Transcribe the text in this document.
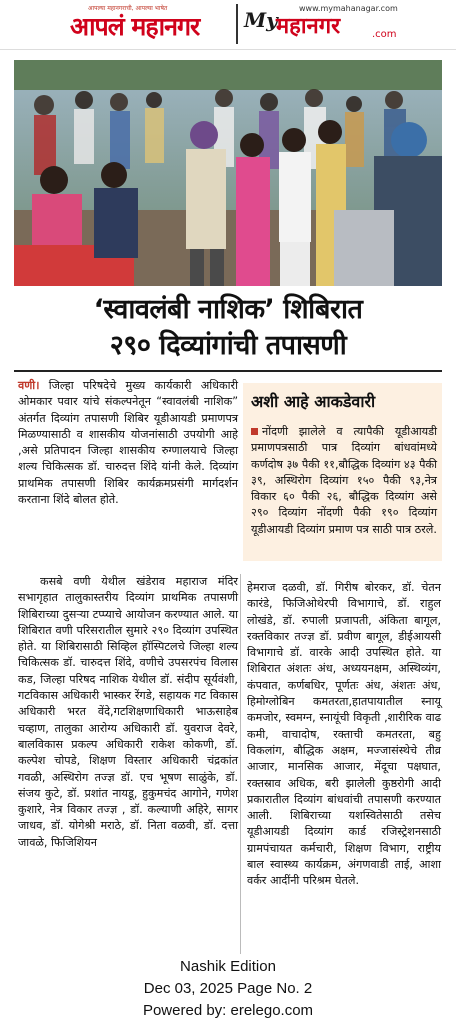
आपल्या महानगराची, आपल्या भाषेत
आपलं महानगर My	www.mymahanagar.com
महानगर	.com
‘स्वावलंबी नाशिक’ शिबिरात
२९० दिव्यांगांची तपासणी
वणी। जिल्हा परिषदेचे मुख्य कार्यकारी अधिकारी ओमकार पवार यांचे संकल्पनेतून “स्वावलंबी नाशिक” अंतर्गत दिव्यांग तपासणी शिबिर यूडीआयडी प्रमाणपत्र मिळण्यासाठी व शासकीय योजनांसाठी उपयोगी आहे ,असे प्रतिपादन जिल्हा शासकीय रुग्णालयाचे जिल्हा शल्य चिकित्सक डॉ. चारुदत्त शिंदे यांनी केले. दिव्यांग प्राथमिक तपासणी शिबिर कार्यक्रमप्रसंगी मार्गदर्शन करताना शिंदे बोलत होते.
अशी आहे आकडेवारी
नोंदणी झालेले व त्यापैकी यूडीआयडी प्रमाणपत्रसाठी पात्र दिव्यांग बांधवांमध्ये कर्णदोष ३७ पैकी ११,बौद्धिक दिव्यांग ४३ पैकी ३९, अस्थिरोग दिव्यांग १५० पैकी ९३,नेत्र विकार ६० पैकी २६, बौद्धिक दिव्यांग असे २९० दिव्यांग नोंदणी पैकी १९० दिव्यांग यूडीआयडी दिव्यांग प्रमाण पत्र साठी पात्र ठरले.
कसबे वणी येथील खंडेराव महाराज मंदिर सभागृहात तालुकास्तरीय दिव्यांग प्राथमिक तपासणी शिबिराच्या दुसऱ्या टप्प्याचे आयोजन करण्यात आले. या शिबिरात वणी परिसरातील सुमारे २९० दिव्यांग उपस्थित होते. या शिबिरासाठी सिव्हिल हॉस्पिटलचे जिल्हा शल्य चिकित्सक डॉ. चारुदत्त शिंदे, वणीचे उपसरपंच विलास कड, जिल्हा परिषद नाशिक येथील डॉ. संदीप सूर्यवंशी, गटविकास अधिकारी भास्कर रेंगडे, सहायक गट विकास अधिकारी भरत वेंदे,गटशिक्षणाधिकारी भाऊसाहेब चव्हाण, तालुका आरोग्य अधिकारी डॉ. युवराज देवरे, बालविकास प्रकल्प अधिकारी राकेश कोकणी, डॉ. कल्पेश चोपडे, शिक्षण विस्तार अधिकारी चंद्रकांत गवळी, अस्थिरोग तज्ज्ञ डॉ. एच भूषण साळुंके, डॉ. संजय कुटे, डॉ. प्रशांत नायडू, हुकुमचंद आगोने, गणेश कुशारे, नेत्र विकार तज्ज्ञ , डॉ. कल्याणी अहिरे, सागर जाधव, डॉ. योगेश्री मराठे, डॉ. निता वळवी, डॉ. दत्ता जावळे, फिजिशियन
हेमराज दळवी, डॉ. गिरीष बोरकर, डॉ. चेतन कारंडे, फिजिओथेरपी विभागाचे, डॉ. राहुल लोखंडे, डॉ. रुपाली प्रजापती, अंकिता बागूल, रक्तविकार तज्ज्ञ डॉ. प्रवीण बागूल, डीईआयसी विभागाचे डॉ. वारके आदी उपस्थित होते. या शिबिरात अंशतः अंध, अध्ययनक्षम, अस्थिव्यंग, कंपवात, कर्णबधिर, पूर्णतः अंध, अंशतः अंध, हिमोग्लोबिन कमतरता,हातपायातील स्नायू कमजोर, स्वमग्न, स्नायूंची विकृती ,शारीरिक वाढ कमी, वाचादोष, रक्ताची कमतरता, बहु विकलांग, बौद्धिक अक्षम, मज्जासंस्थेचे तीव्र आजार, मानसिक आजार, मेंदूचा पक्षघात, रक्तस्राव अधिक, बरी झालेली कुष्ठरोगी आदी प्रकारातील दिव्यांग बांधवांची तपासणी करण्यात आली. शिबिराच्या यशस्वितेसाठी तसेच यूडीआयडी दिव्यांग कार्ड रजिस्ट्रेशनसाठी ग्रामपंचायत कर्मचारी, शिक्षण विभाग, राष्ट्रीय बाल स्वास्थ्य कार्यक्रम, अंगणवाडी ताई, आशा वर्कर आदींनी परिश्रम घेतले.
Nashik Edition
Dec 03, 2025 Page No. 2
Powered by: erelego.com
